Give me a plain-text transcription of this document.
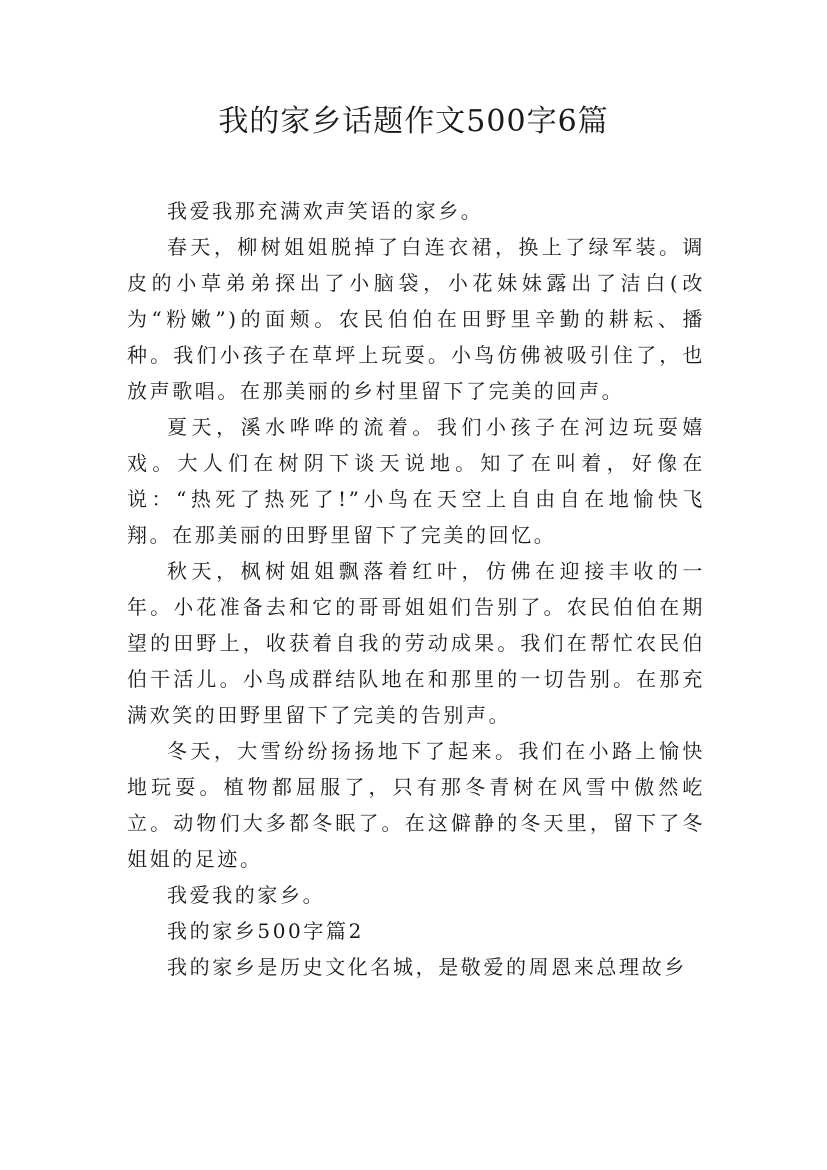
我的家乡话题作文500字6篇

我爱我那充满欢声笑语的家乡。

春天，柳树姐姐脱掉了白连衣裙，换上了绿军装。调皮的小草弟弟探出了小脑袋，小花妹妹露出了洁白(改为“粉嫩”)的面颊。农民伯伯在田野里辛勤的耕耘、播种。我们小孩子在草坪上玩耍。小鸟仿佛被吸引住了，也放声歌唱。在那美丽的乡村里留下了完美的回声。

夏天，溪水哗哗的流着。我们小孩子在河边玩耍嬉戏。大人们在树阴下谈天说地。知了在叫着，好像在说：“热死了热死了!”小鸟在天空上自由自在地愉快飞翔。在那美丽的田野里留下了完美的回忆。

秋天，枫树姐姐飘落着红叶，仿佛在迎接丰收的一年。小花准备去和它的哥哥姐姐们告别了。农民伯伯在期望的田野上，收获着自我的劳动成果。我们在帮忙农民伯伯干活儿。小鸟成群结队地在和那里的一切告别。在那充满欢笑的田野里留下了完美的告别声。

冬天，大雪纷纷扬扬地下了起来。我们在小路上愉快地玩耍。植物都屈服了，只有那冬青树在风雪中傲然屹立。动物们大多都冬眠了。在这僻静的冬天里，留下了冬姐姐的足迹。

我爱我的家乡。

我的家乡500字篇2

我的家乡是历史文化名城，是敬爱的周恩来总理故乡
